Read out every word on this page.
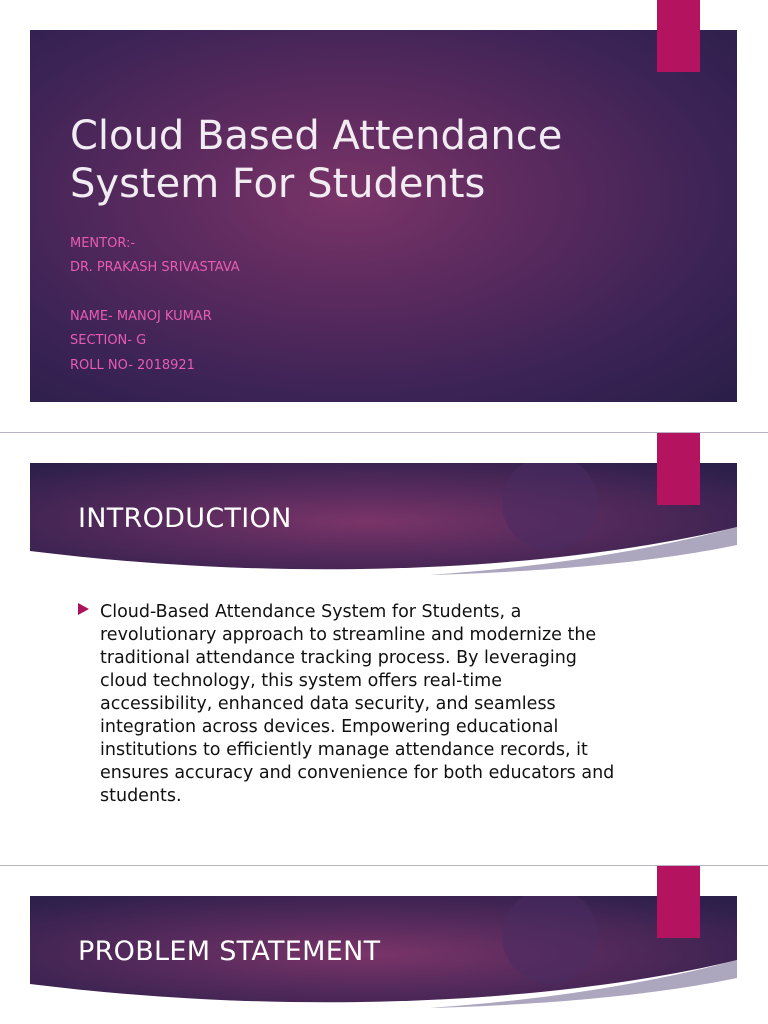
Cloud Based Attendance System For Students
MENTOR:-
DR. PRAKASH SRIVASTAVA
NAME- MANOJ KUMAR
SECTION- G
ROLL NO- 2018921
INTRODUCTION

Cloud-Based Attendance System for Students, a revolutionary approach to streamline and modernize the traditional attendance tracking process. By leveraging cloud technology, this system offers real-time accessibility, enhanced data security, and seamless integration across devices. Empowering educational institutions to efficiently manage attendance records, it ensures accuracy and convenience for both educators and students.

PROBLEM STATEMENT
